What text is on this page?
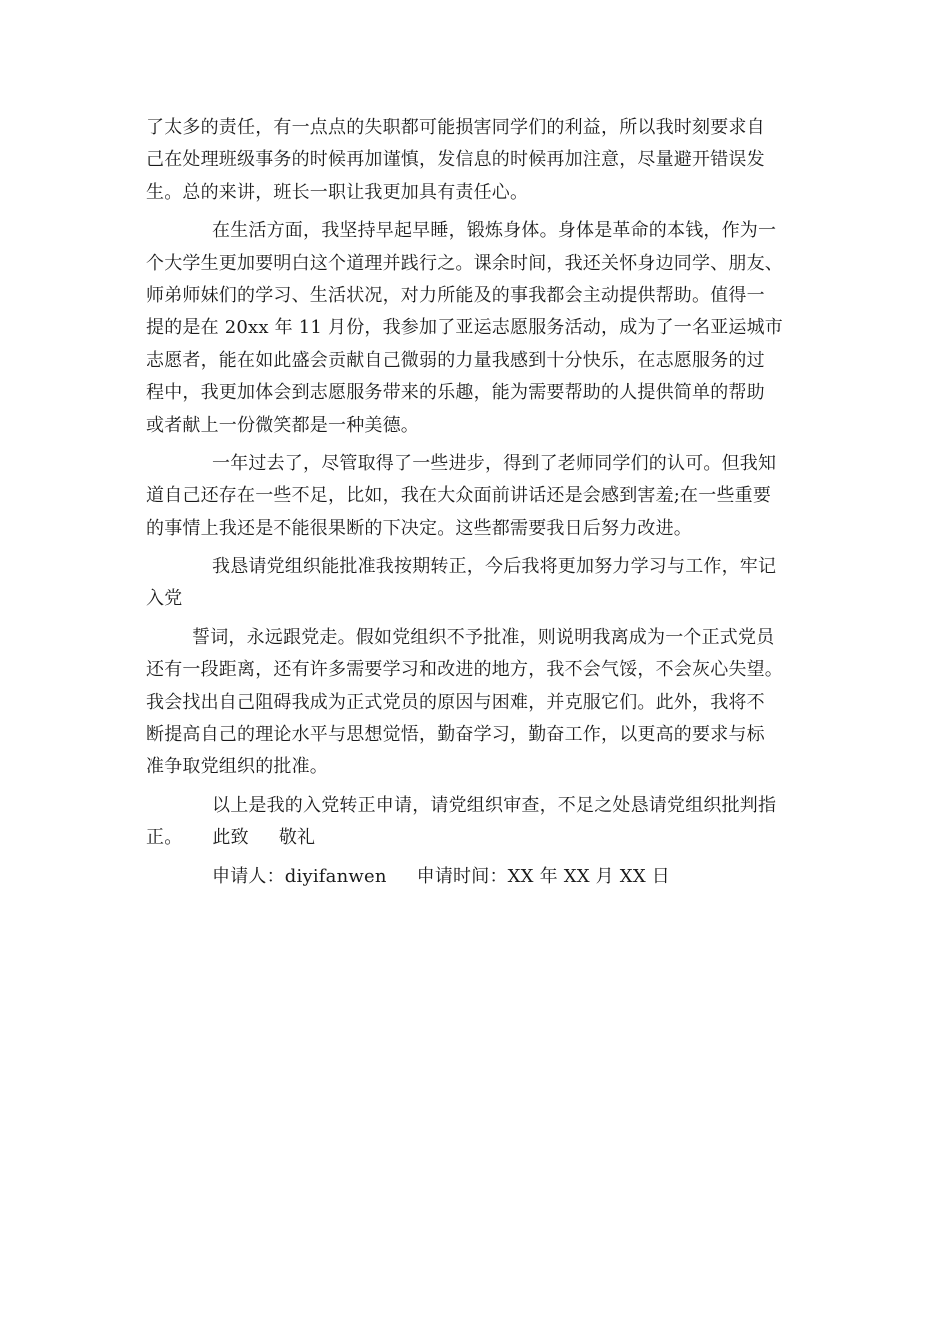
了太多的责任，有一点点的失职都可能损害同学们的利益，所以我时刻要求自
己在处理班级事务的时候再加谨慎，发信息的时候再加注意，尽量避开错误发
生。总的来讲，班长一职让我更加具有责任心。
在生活方面，我坚持早起早睡，锻炼身体。身体是革命的本钱，作为一
个大学生更加要明白这个道理并践行之。课余时间，我还关怀身边同学、朋友、
师弟师妹们的学习、生活状况，对力所能及的事我都会主动提供帮助。值得一
提的是在 20xx 年 11 月份，我参加了亚运志愿服务活动，成为了一名亚运城市
志愿者，能在如此盛会贡献自己微弱的力量我感到十分快乐，在志愿服务的过
程中，我更加体会到志愿服务带来的乐趣，能为需要帮助的人提供简单的帮助
或者献上一份微笑都是一种美德。
一年过去了，尽管取得了一些进步，得到了老师同学们的认可。但我知
道自己还存在一些不足，比如，我在大众面前讲话还是会感到害羞;在一些重要
的事情上我还是不能很果断的下决定。这些都需要我日后努力改进。
我恳请党组织能批准我按期转正，今后我将更加努力学习与工作，牢记
入党
誓词，永远跟党走。假如党组织不予批准，则说明我离成为一个正式党员
还有一段距离，还有许多需要学习和改进的地方，我不会气馁，不会灰心失望。
我会找出自己阻碍我成为正式党员的原因与困难，并克服它们。此外，我将不
断提高自己的理论水平与思想觉悟，勤奋学习，勤奋工作，以更高的要求与标
准争取党组织的批准。
以上是我的入党转正申请，请党组织审查，不足之处恳请党组织批判指
正。 此致 敬礼
申请人：diyifanwen 申请时间：XX 年 XX 月 XX 日
